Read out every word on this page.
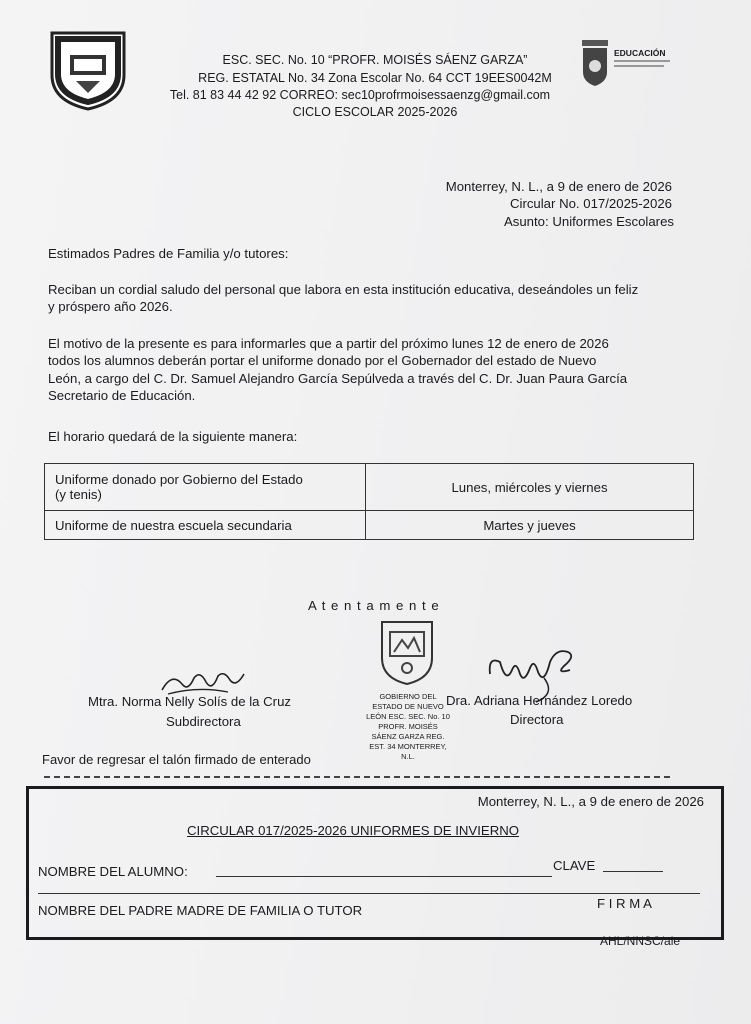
ESC. SEC. No. 10 “PROFR. MOISÉS SÁENZ GARZA”
REG. ESTATAL No. 34 Zona Escolar No. 64 CCT 19EES0042M
Tel. 81 83 44 42 92 CORREO: sec10profrmoisessaenzg@gmail.com
CICLO ESCOLAR 2025-2026
EDUCACIÓN
Monterrey, N. L., a 9 de enero de 2026
Circular No. 017/2025-2026
Asunto: Uniformes Escolares
Estimados Padres de Familia y/o tutores:
Reciban un cordial saludo del personal que labora en esta institución educativa, deseándoles un feliz
y próspero año 2026.
El motivo de la presente es para informarles que a partir del próximo lunes 12 de enero de 2026
todos los alumnos deberán portar el uniforme donado por el Gobernador del estado de Nuevo
León, a cargo del C. Dr. Samuel Alejandro García Sepúlveda a través del C. Dr. Juan Paura García
Secretario de Educación.
El horario quedará de la siguiente manera:
Uniforme donado por Gobierno del Estado
(y tenis)	Lunes, miércoles y viernes
Uniforme de nuestra escuela secundaria	Martes y jueves
A t e n t a m e n t e
Mtra. Norma Nelly Solís de la Cruz
Subdirectora
GOBIERNO DEL ESTADO DE NUEVO LEÓN ESC. SEC. No. 10 PROFR. MOISÉS SÁENZ GARZA REG. EST. 34 MONTERREY, N.L.
Dra. Adriana Hernández Loredo
Directora
Favor de regresar el talón firmado de enterado
Monterrey, N. L., a 9 de enero de 2026
CIRCULAR 017/2025-2026 UNIFORMES DE INVIERNO
NOMBRE DEL ALUMNO:	CLAVE
NOMBRE DEL PADRE MADRE DE FAMILIA O TUTOR	F I R M A
AHL/NNSC/ale
